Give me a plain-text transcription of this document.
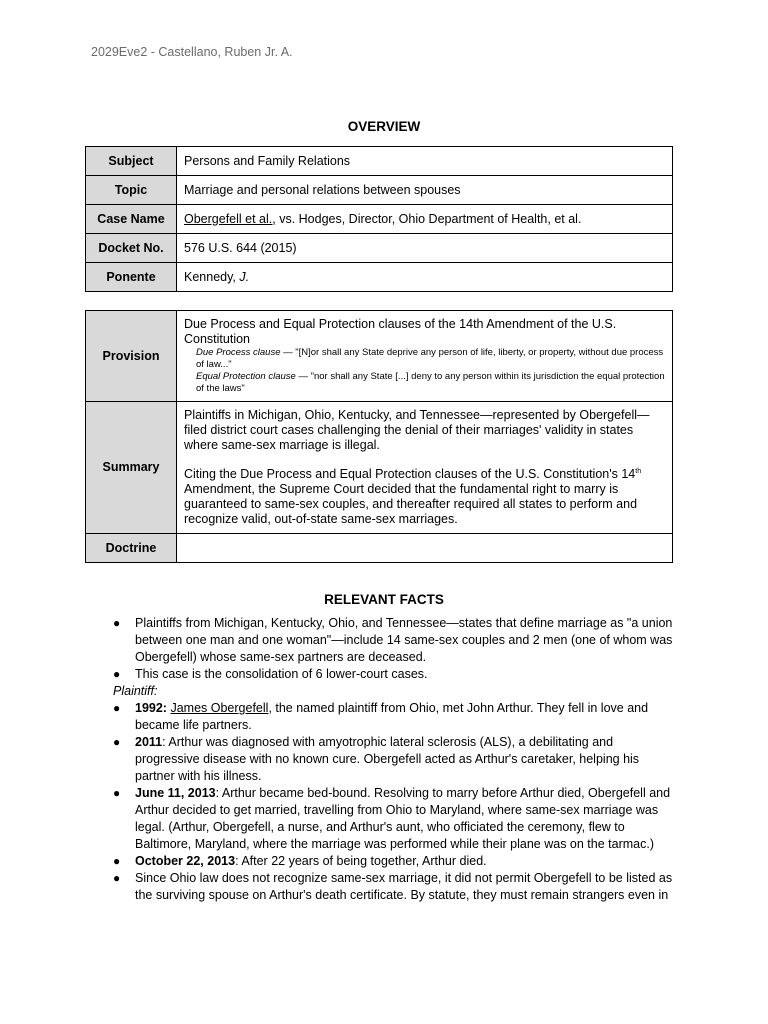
2029Eve2 - Castellano, Ruben Jr. A.
OVERVIEW
Subject	Persons and Family Relations
Topic	Marriage and personal relations between spouses
Case Name	Obergefell et al., vs. Hodges, Director, Ohio Department of Health, et al.
Docket No.	576 U.S. 644 (2015)
Ponente	Kennedy, J.
Provision	Due Process and Equal Protection clauses of the 14th Amendment of the U.S. Constitution
Due Process clause — "[N]or shall any State deprive any person of life, liberty, or property, without due process of law..."
Equal Protection clause — "nor shall any State [...] deny to any person within its jurisdiction the equal protection of the laws"

Summary	Plaintiffs in Michigan, Ohio, Kentucky, and Tennessee—represented by Obergefell—filed district court cases challenging the denial of their marriages' validity in states where same-sex marriage is illegal.

Citing the Due Process and Equal Protection clauses of the U.S. Constitution's 14th Amendment, the Supreme Court decided that the fundamental right to marry is guaranteed to same-sex couples, and thereafter required all states to perform and recognize valid, out-of-state same-sex marriages.

Doctrine	
RELEVANT FACTS
● Plaintiffs from Michigan, Kentucky, Ohio, and Tennessee—states that define marriage as "a union between one man and one woman"—include 14 same-sex couples and 2 men (one of whom was Obergefell) whose same-sex partners are deceased.
● This case is the consolidation of 6 lower-court cases.
Plaintiff:
● 1992: James Obergefell, the named plaintiff from Ohio, met John Arthur. They fell in love and became life partners.
● 2011: Arthur was diagnosed with amyotrophic lateral sclerosis (ALS), a debilitating and progressive disease with no known cure. Obergefell acted as Arthur's caretaker, helping his partner with his illness.
● June 11, 2013: Arthur became bed-bound. Resolving to marry before Arthur died, Obergefell and Arthur decided to get married, travelling from Ohio to Maryland, where same-sex marriage was legal. (Arthur, Obergefell, a nurse, and Arthur's aunt, who officiated the ceremony, flew to Baltimore, Maryland, where the marriage was performed while their plane was on the tarmac.)
● October 22, 2013: After 22 years of being together, Arthur died.
● Since Ohio law does not recognize same-sex marriage, it did not permit Obergefell to be listed as the surviving spouse on Arthur's death certificate. By statute, they must remain strangers even in
